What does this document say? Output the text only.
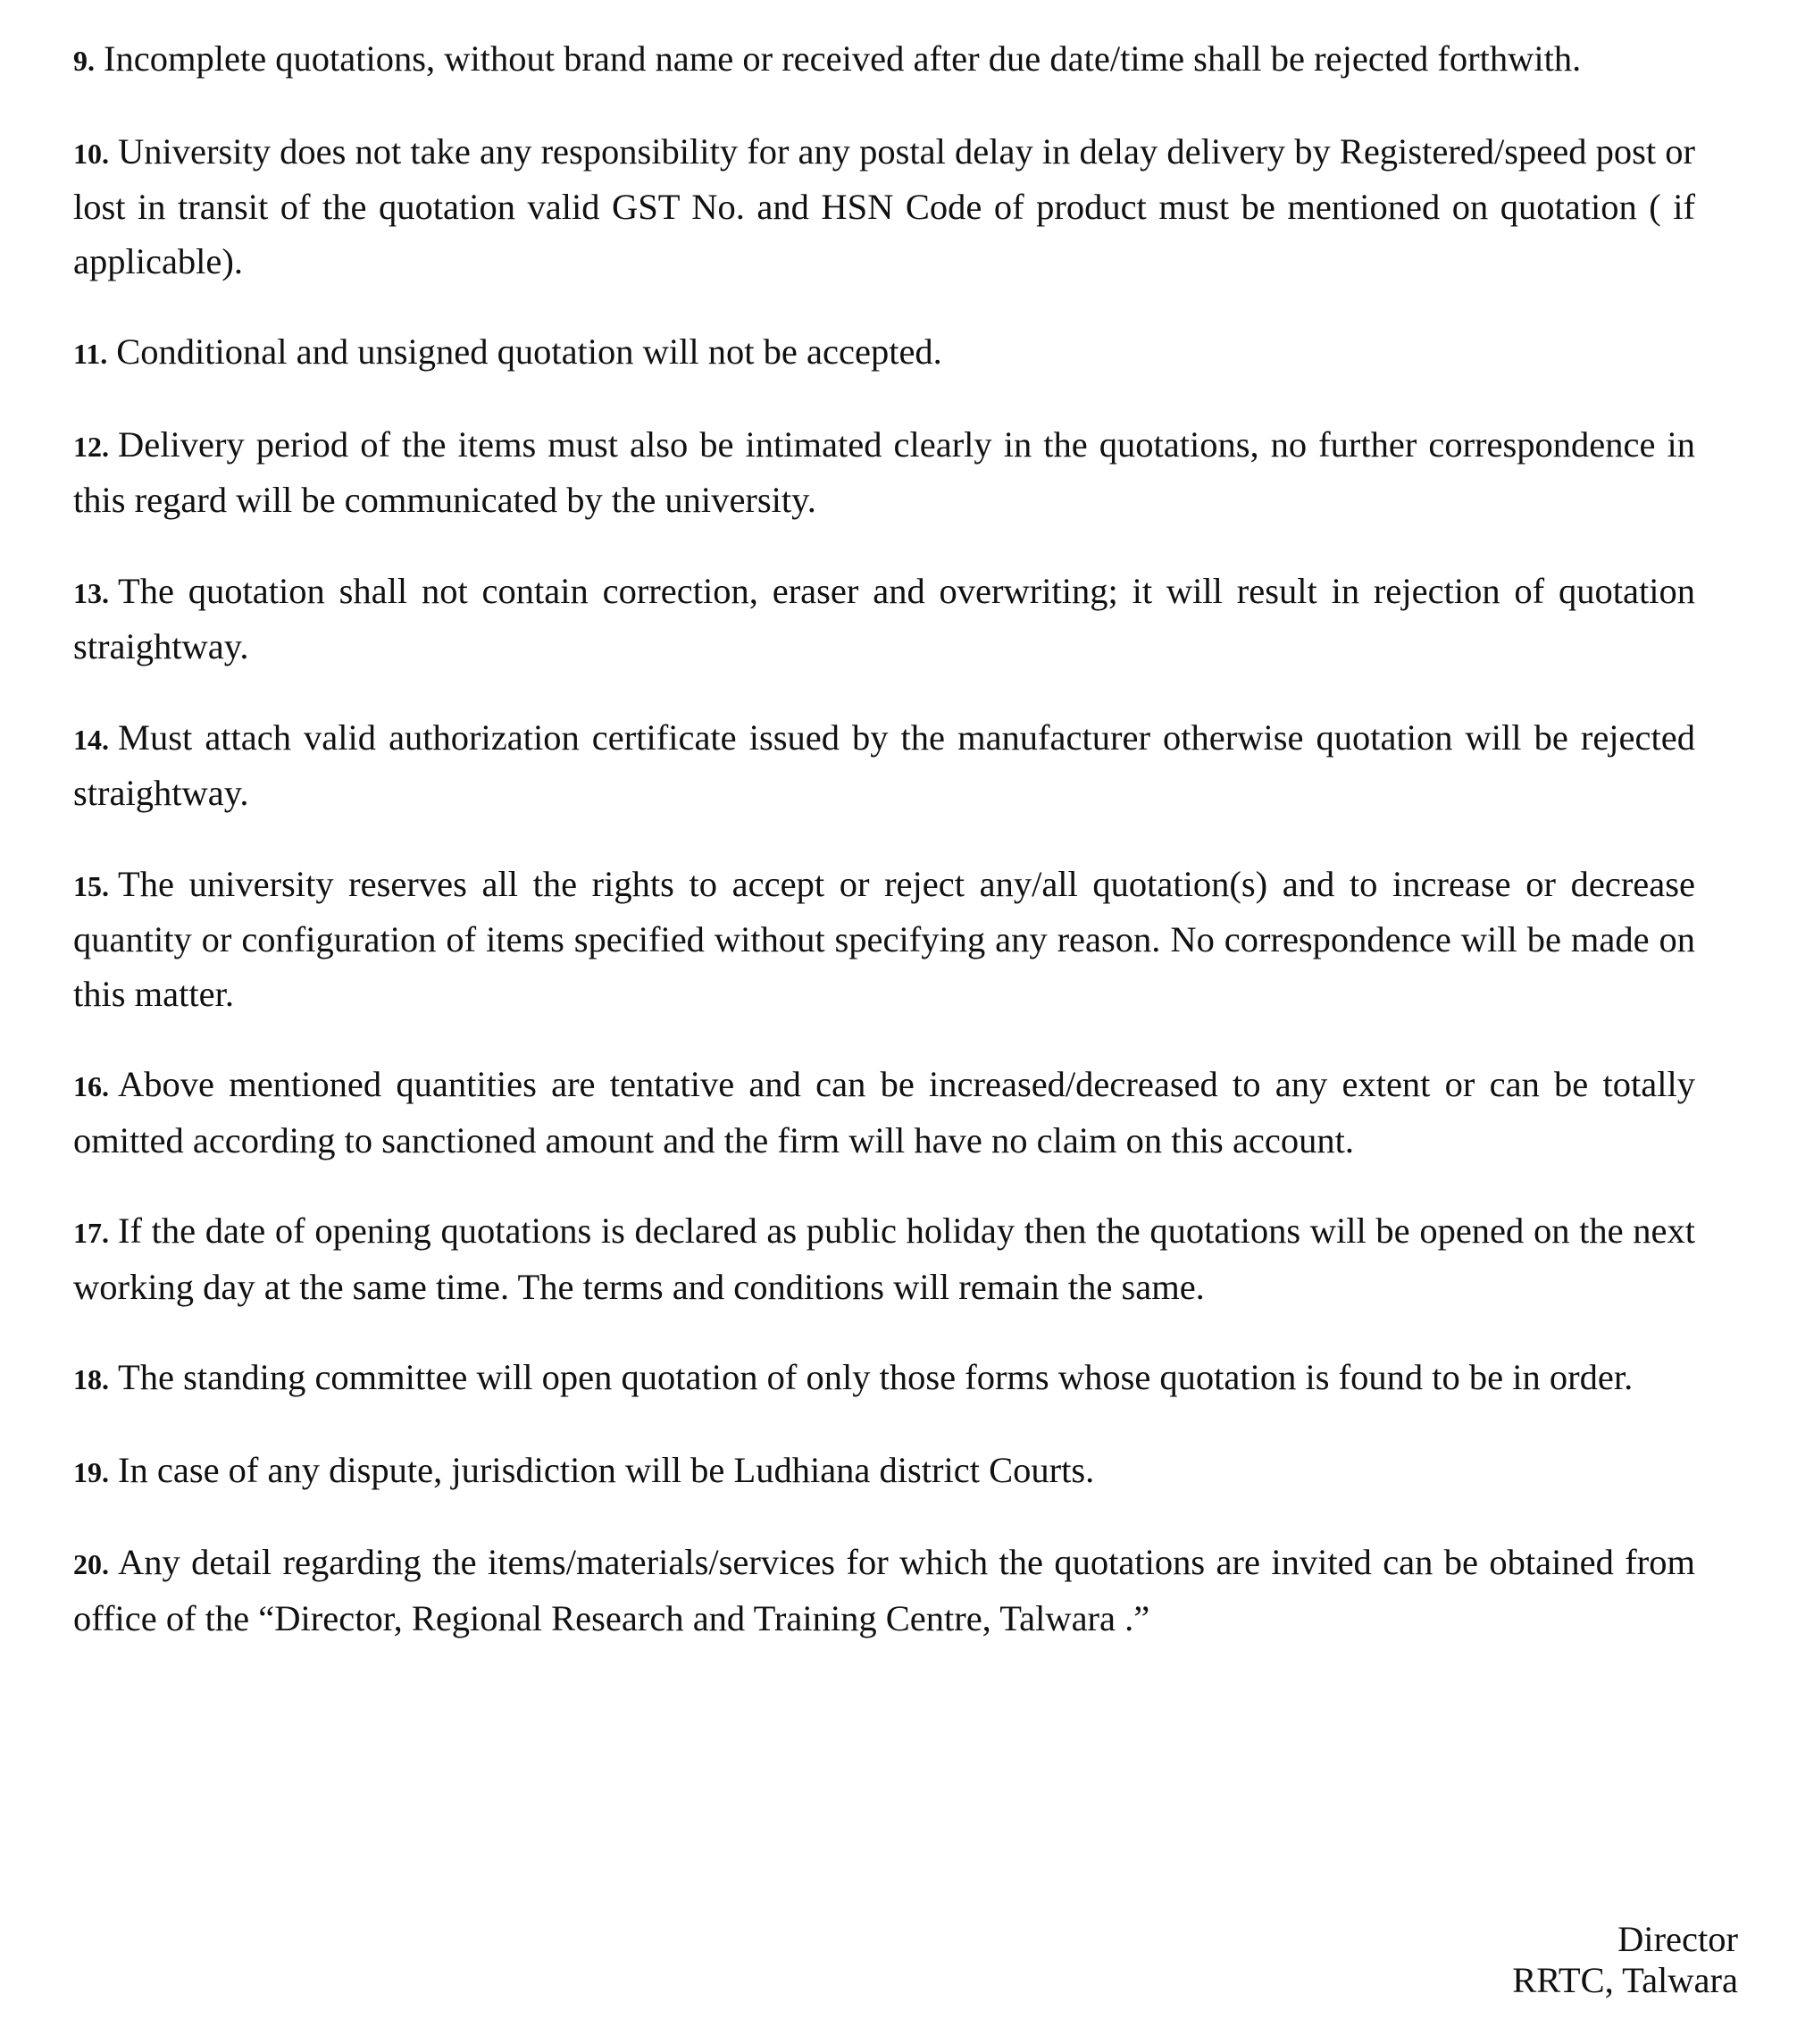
9. Incomplete quotations, without brand name or received after due date/time shall be rejected forthwith.
10. University does not take any responsibility for any postal delay in delay delivery by Registered/speed post or lost in transit of the quotation valid GST No. and HSN Code of product must be mentioned on quotation ( if applicable).
11. Conditional and unsigned quotation will not be accepted.
12. Delivery period of the items must also be intimated clearly in the quotations, no further correspondence in this regard will be communicated by the university.
13. The quotation shall not contain correction, eraser and overwriting; it will result in rejection of quotation straightway.
14. Must attach valid authorization certificate issued by the manufacturer otherwise quotation will be rejected straightway.
15. The university reserves all the rights to accept or reject any/all quotation(s) and to increase or decrease quantity or configuration of items specified without specifying any reason. No correspondence will be made on this matter.
16. Above mentioned quantities are tentative and can be increased/decreased to any extent or can be totally omitted according to sanctioned amount and the firm will have no claim on this account.
17. If the date of opening quotations is declared as public holiday then the quotations will be opened on the next working day at the same time. The terms and conditions will remain the same.
18. The standing committee will open quotation of only those forms whose quotation is found to be in order.
19. In case of any dispute, jurisdiction will be Ludhiana district Courts.
20. Any detail regarding the items/materials/services for which the quotations are invited can be obtained from office of the “Director, Regional Research and Training Centre, Talwara .”
Director
RRTC, Talwara
